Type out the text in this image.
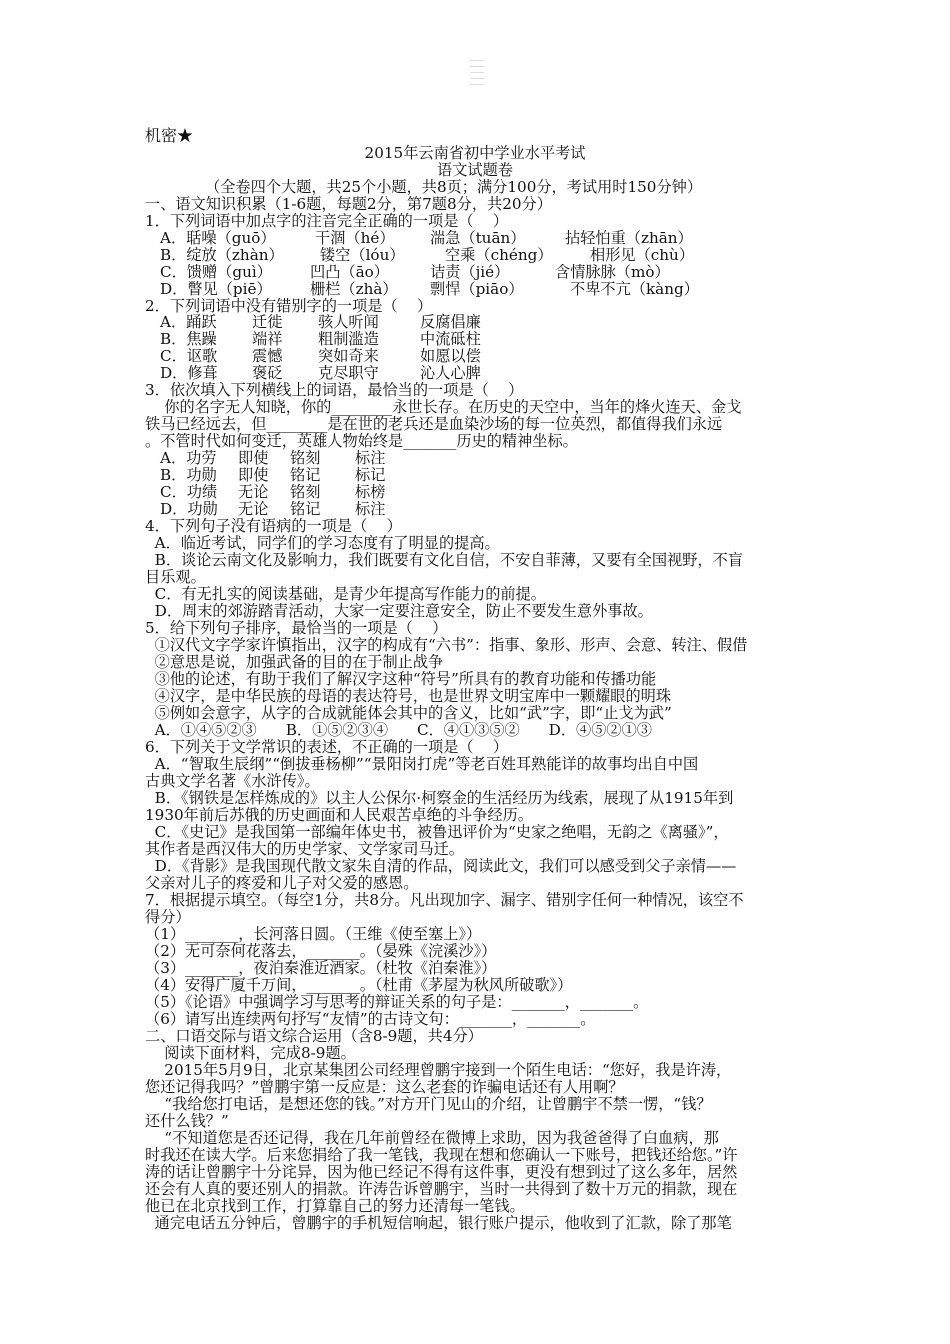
机密★
2015年云南省初中学业水平考试
语文试题卷
（全卷四个大题，共25个小题，共8页；满分100分，考试用时150分钟）
一、语文知识积累（1-6题，每题2分，第7题8分，共20分）
1．下列词语中加点字的注音完全正确的一项是（    ）
A．聒噪（guō）	干涸（hé） 湍急（tuān）	拈轻怕重（zhān）
B．绽放（zhàn） 镂空（lóu）	空乘（chéng） 相形见（chù）
C．馈赠（guì）	凹凸（āo）	诘责（jié）	含情脉脉（mò）
D．瞥见（piē）	栅栏（zhà） 剽悍（piāo）	不卑不亢（kàng）
2．下列词语中没有错别字的一项是（    ）
A．踊跃 迁徙 骇人听闻	反腐倡廉
B．焦躁 端祥 粗制滥造	中流砥柱
C．讴歌 震憾 突如奇来	如愿以偿
D．修葺 褒砭 克尽职守	沁人心脾
3．依次填入下列横线上的词语，最恰当的一项是（    ）
你的名字无人知晓，你的________永世长存。在历史的天空中，当年的烽火连天、金戈
铁马已经远去，但________是在世的老兵还是血染沙场的每一位英烈，都值得我们永远
。不管时代如何变迁，英雄人物始终是_______历史的精神坐标。
A．功劳 即使 铭刻 标注
B．功勋 即使 铭记 标记
C．功绩 无论 铭刻 标榜
D．功勋 无论 铭记 标注
4．下列句子没有语病的一项是（    ）
A．临近考试，同学们的学习态度有了明显的提高。
B．谈论云南文化及影响力，我们既要有文化自信，不安自菲薄，又要有全国视野，不盲
目乐观。
C．有无扎实的阅读基础，是青少年提高写作能力的前提。
D．周末的郊游踏青活动，大家一定要注意安全，防止不要发生意外事故。
5．给下列句子排序，最恰当的一项是（    ）
①汉代文字学家许慎指出，汉字的构成有“六书”：指事、象形、形声、会意、转注、假借
②意思是说，加强武备的目的在于制止战争
③他的论述，有助于我们了解汉字这种“符号”所具有的教育功能和传播功能
④汉字，是中华民族的母语的表达符号，也是世界文明宝库中一颗耀眼的明珠
⑤例如会意字，从字的合成就能体会其中的含义，比如“武”字，即“止戈为武”
A．①④⑤②③      B．①⑤②③④      C．④①③⑤②      D．④⑤②①③
6．下列关于文学常识的表述，不正确的一项是（    ）
A．“智取生辰纲”“倒拔垂杨柳”“景阳岗打虎”等老百姓耳熟能详的故事均出自中国
古典文学名著《水浒传》。
B．《钢铁是怎样炼成的》以主人公保尔·柯察金的生活经历为线索，展现了从1915年到
1930年前后苏俄的历史画面和人民艰苦卓绝的斗争经历。
C．《史记》是我国第一部编年体史书，被鲁迅评价为“史家之绝唱，无韵之《离骚》”，
其作者是西汉伟大的历史学家、文学家司马迁。
D．《背影》是我国现代散文家朱自清的作品，阅读此文，我们可以感受到父子亲情——
父亲对儿子的疼爱和儿子对父爱的感恩。
7．根据提示填空。（每空1分，共8分。凡出现加字、漏字、错别字任何一种情况，该空不
得分）
（1）_______，长河落日圆。（王维《使至塞上》）
（2）无可奈何花落去，_______。（晏殊《浣溪沙》）
（3）_______，夜泊秦淮近酒家。（杜牧《泊秦淮》）
（4）安得广厦千万间，_______。（杜甫《茅屋为秋风所破歌》）
（5）《论语》中强调学习与思考的辩证关系的句子是：_______，_______。
（6）请写出连续两句抒写“友情”的古诗文句：_______，_______。
二、口语交际与语文综合运用（含8-9题，共4分）
阅读下面材料，完成8-9题。
2015年5月9日，北京某集团公司经理曾鹏宇接到一个陌生电话：“您好，我是许涛，
您还记得我吗？”曾鹏宇第一反应是：这么老套的诈骗电话还有人用啊？
“我给您打电话，是想还您的钱。”对方开门见山的介绍，让曾鹏宇不禁一愣，“钱？
还什么钱？”
“不知道您是否还记得，我在几年前曾经在微博上求助，因为我爸爸得了白血病，那
时我还在读大学。后来您捐给了我一笔钱，我现在想和您确认一下账号，把钱还给您。”许
涛的话让曾鹏宇十分诧异，因为他已经记不得有这件事，更没有想到过了这么多年，居然
还会有人真的要还别人的捐款。许涛告诉曾鹏宇，当时一共得到了数十万元的捐款，现在
他已在北京找到工作，打算靠自己的努力还清每一笔钱。
通完电话五分钟后，曾鹏宇的手机短信响起，银行账户提示，他收到了汇款，除了那笔
